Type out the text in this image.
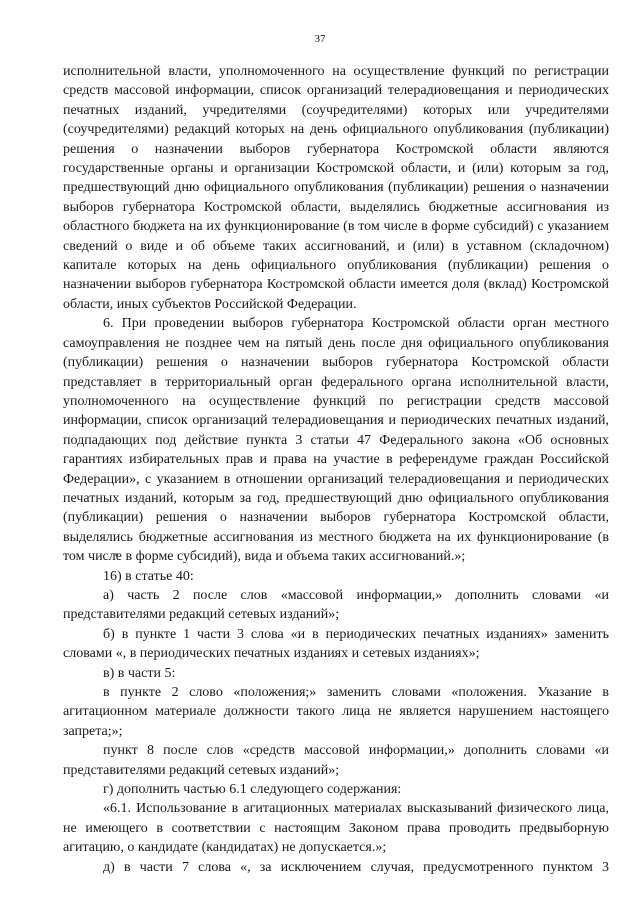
37

исполнительной власти, уполномоченного на осуществление функций по регистрации средств массовой информации, список организаций телерадиовещания и периодических печатных изданий, учредителями (соучредителями) которых или учредителями (соучредителями) редакций которых на день официального опубликования (публикации) решения о назначении выборов губернатора Костромской области являются государственные органы и организации Костромской области, и (или) которым за год, предшествующий дню официального опубликования (публикации) решения о назначении выборов губернатора Костромской области, выделялись бюджетные ассигнования из областного бюджета на их функционирование (в том числе в форме субсидий) с указанием сведений о виде и об объеме таких ассигнований, и (или) в уставном (складочном) капитале которых на день официального опубликования (публикации) решения о назначении выборов губернатора Костромской области имеется доля (вклад) Костромской области, иных субъектов Российской Федерации.

6. При проведении выборов губернатора Костромской области орган местного самоуправления не позднее чем на пятый день после дня официального опубликования (публикации) решения о назначении выборов губернатора Костромской области представляет в территориальный орган федерального органа исполнительной власти, уполномоченного на осуществление функций по регистрации средств массовой информации, список организаций телерадиовещания и периодических печатных изданий, подпадающих под действие пункта 3 статьи 47 Федерального закона «Об основных гарантиях избирательных прав и права на участие в референдуме граждан Российской Федерации», с указанием в отношении организаций телерадиовещания и периодических печатных изданий, которым за год, предшествующий дню официального опубликования (публикации) решения о назначении выборов губернатора Костромской области, выделялись бюджетные ассигнования из местного бюджета на их функционирование (в том числе в форме субсидий), вида и объема таких ассигнований.»;

16) в статье 40:

а) часть 2 после слов «массовой информации,» дополнить словами «и представителями редакций сетевых изданий»;

б) в пункте 1 части 3 слова «и в периодических печатных изданиях» заменить словами «, в периодических печатных изданиях и сетевых изданиях»;

в) в части 5:

в пункте 2 слово «положения;» заменить словами «положения. Указание в агитационном материале должности такого лица не является нарушением настоящего запрета;»;

пункт 8 после слов «средств массовой информации,» дополнить словами «и представителями редакций сетевых изданий»;

г) дополнить частью 6.1 следующего содержания:

«6.1. Использование в агитационных материалах высказываний физического лица, не имеющего в соответствии с настоящим Законом права проводить предвыборную агитацию, о кандидате (кандидатах) не допускается.»;

д) в части 7 слова «, за исключением случая, предусмотренного пунктом 3
